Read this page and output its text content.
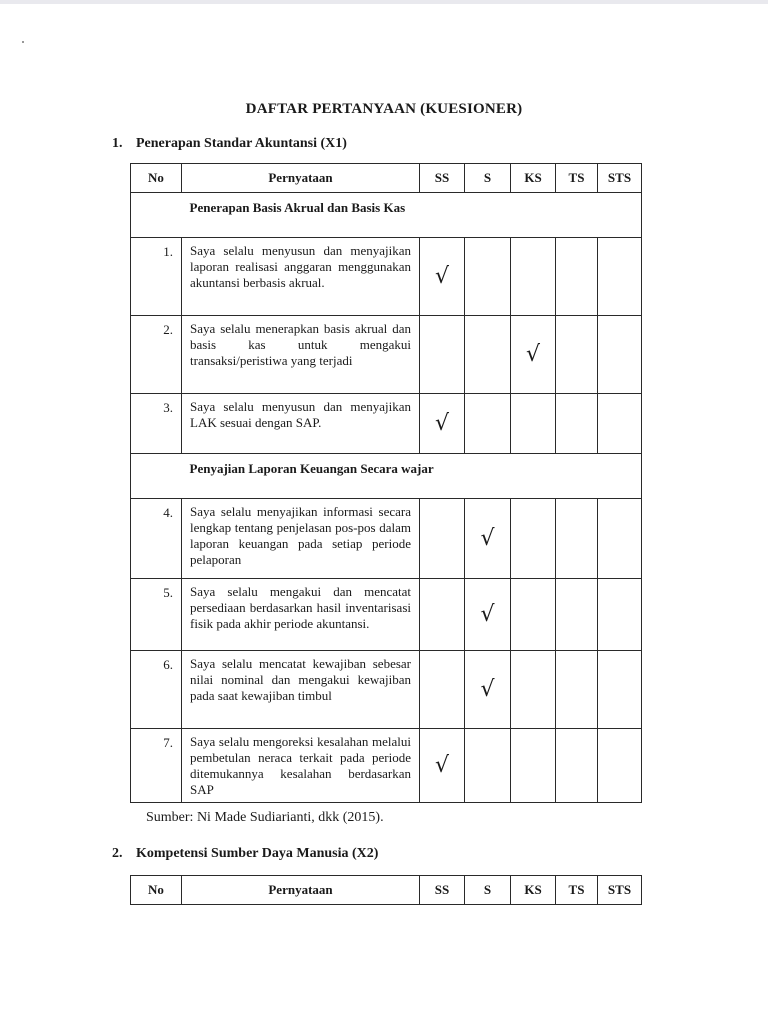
DAFTAR PERTANYAAN (KUESIONER)
1. Penerapan Standar Akuntansi (X1)
No	Pernyataan	SS	S	KS	TS	STS
	Penerapan Basis Akrual dan Basis Kas					
1.	Saya selalu menyusun dan menyajikan laporan realisasi anggaran menggunakan akuntansi berbasis akrual.	√				
2.	Saya selalu menerapkan basis akrual dan basis kas untuk mengakui transaksi/peristiwa yang terjadi			√		
3.	Saya selalu menyusun dan menyajikan LAK sesuai dengan SAP.	√				
	Penyajian Laporan Keuangan Secara wajar					
4.	Saya selalu menyajikan informasi secara lengkap tentang penjelasan pos-pos dalam laporan keuangan pada setiap periode pelaporan		√			
5.	Saya selalu mengakui dan mencatat persediaan berdasarkan hasil inventarisasi fisik pada akhir periode akuntansi.		√			
6.	Saya selalu mencatat kewajiban sebesar nilai nominal dan mengakui kewajiban pada saat kewajiban timbul		√			
7.	Saya selalu mengoreksi kesalahan melalui pembetulan neraca terkait pada periode ditemukannya kesalahan berdasarkan SAP	√				
Sumber: Ni Made Sudiarianti, dkk (2015).
2. Kompetensi Sumber Daya Manusia (X2)
No	Pernyataan	SS	S	KS	TS	STS
